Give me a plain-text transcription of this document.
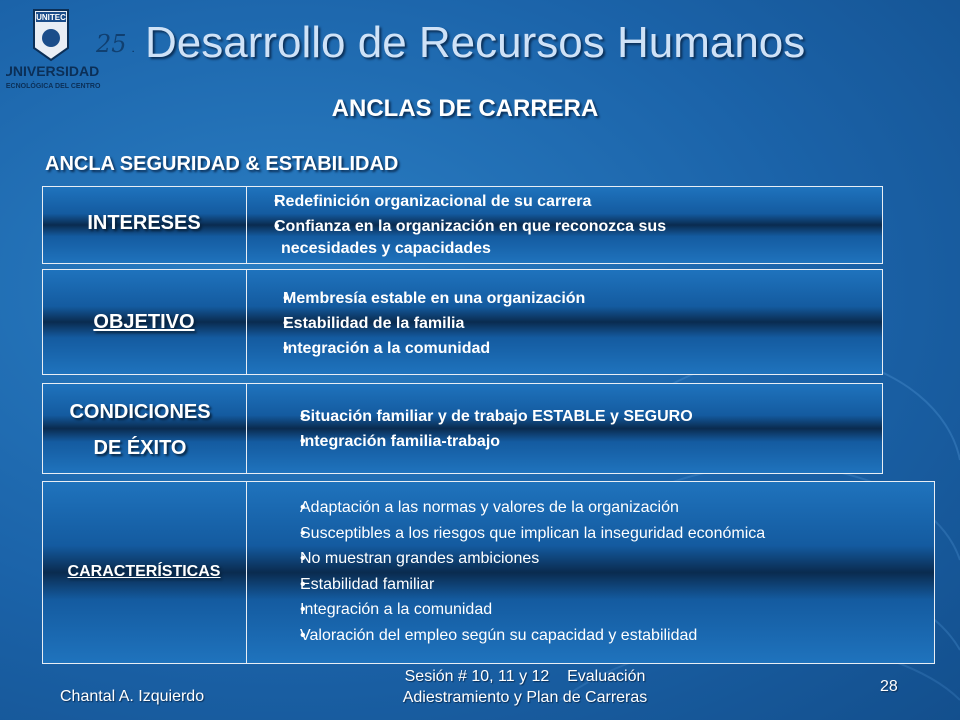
UNITEC
25
UNIVERSIDAD
TECNOLÓGICA DEL CENTRO
Desarrollo de Recursos Humanos
ANCLAS DE CARRERA
ANCLA SEGURIDAD & ESTABILIDAD
INTERESES
• Redefinición organizacional de su carrera
• Confianza en la organización en que reconozca sus
necesidades y capacidades
OBJETIVO
• Membresía estable en una organización
• Estabilidad de la familia
• Integración a la comunidad
CONDICIONES
DE ÉXITO
• Situación familiar y de trabajo ESTABLE y SEGURO
• Integración familia-trabajo
CARACTERÍSTICAS
• Adaptación a las normas y valores de la organización
• Susceptibles a los riesgos que implican la inseguridad económica
• No muestran grandes ambiciones
• Estabilidad familiar
• Integración a la comunidad
• Valoración del empleo según su capacidad y estabilidad
Chantal A. Izquierdo
Sesión # 10, 11 y 12    Evaluación
Adiestramiento y Plan de Carreras
28
